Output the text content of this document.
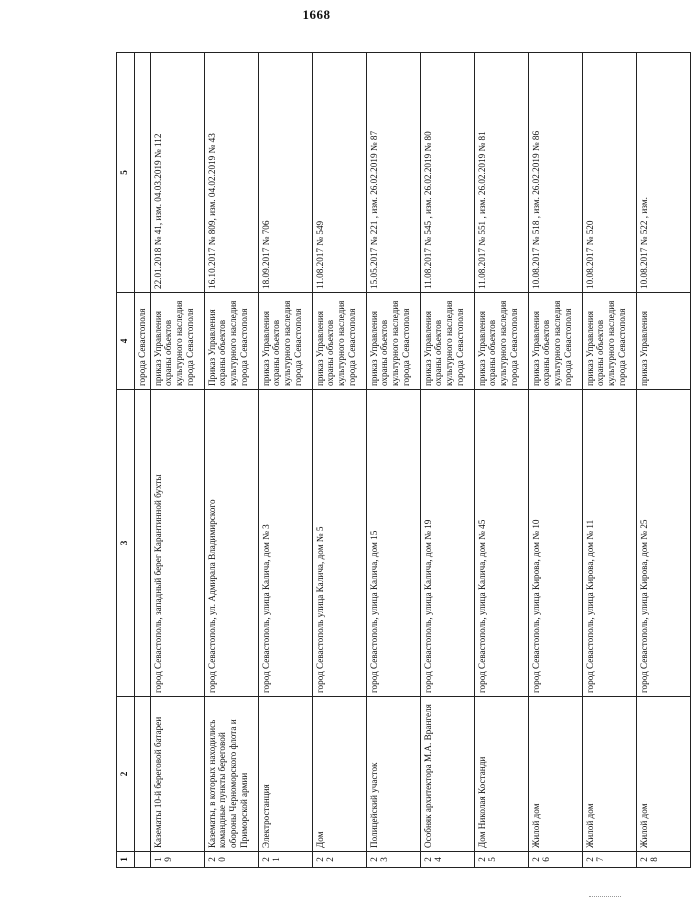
1668
1	2	3	4	5
			города Севастополя	
19	Казематы 10-й береговой батареи	город Севастополь, западный берег Карантинной бухты	приказ Управления охраны объектов культурного наследия города Севастополя	22.01.2018 № 41, изм. 04.03.2019 № 112
20	Казематы, в которых находились командные пункты береговой обороны Черноморского флота и Приморской армии	город Севастополь, ул. Адмирала Владимирского	Приказ Управления охраны объектов культурного наследия города Севастополя	16.10.2017 № 809, изм. 04.02.2019 № 43
21	Электростанция	город Севастополь, улица Калича, дом № 3	приказ Управления охраны объектов культурного наследия города Севастополя	18.09.2017 № 706
22	Дом	город Севастополь улица Калича, дом № 5	приказ Управления охраны объектов культурного наследия города Севастополя	11.08.2017 № 549
23	Полицейский участок	город Севастополь, улица Калича, дом 15	приказ Управления охраны объектов культурного наследия города Севастополя	15.05.2017 № 221 , изм. 26.02.2019 № 87
24	Особняк архитектора М.А. Врангеля	город Севастополь, улица Калича, дом № 19	приказ Управления охраны объектов культурного наследия города Севастополя	11.08.2017 № 545 , изм. 26.02.2019 № 80
25	Дом Николая Костанди	город Севастополь, улица Калича, дом № 45	приказ Управления охраны объектов культурного наследия города Севастополя	11.08.2017 № 551 , изм. 26.02.2019 № 81
26	Жилой дом	город Севастополь, улица Кирова, дом № 10	приказ Управления охраны объектов культурного наследия города Севастополя	10.08.2017 № 518 , изм. 26.02.2019 № 86
27	Жилой дом	город Севастополь, улица Кирова, дом № 11	приказ Управления охраны объектов культурного наследия города Севастополя	10.08.2017 № 520
28	Жилой дом	город Севастополь, улица Кирова, дом № 25	приказ Управления	10.08.2017 № 522 , изм.
